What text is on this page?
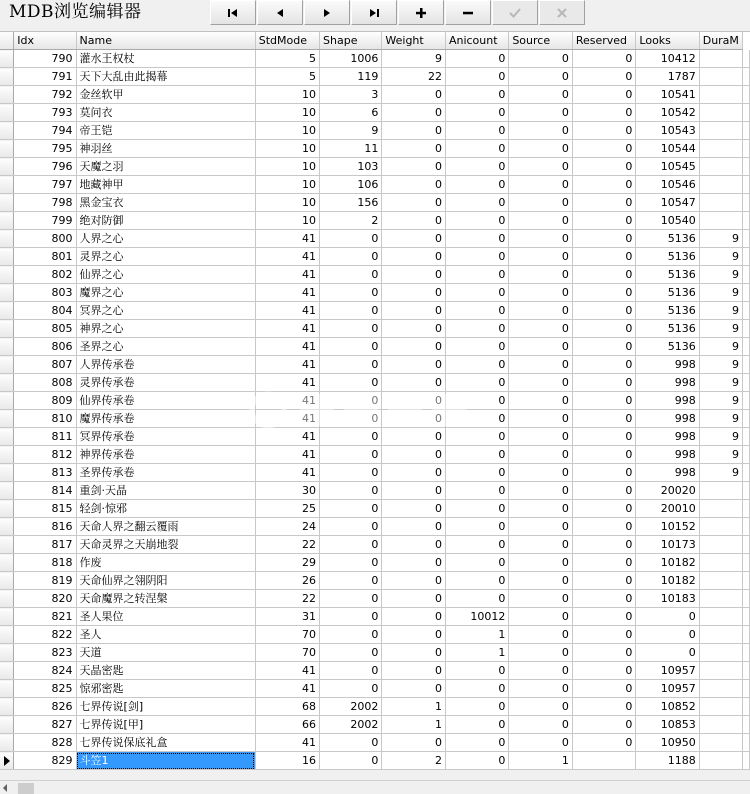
MDB浏览编辑器
	Idx	Name	StdMode	Shape	Weight	Anicount	Source	Reserved	Looks	DuraM	
	790	灌水王权杖	5	1006	9	0	0	0	10412		
	791	天下大乱由此揭幕	5	119	22	0	0	0	1787		
	792	金丝软甲	10	3	0	0	0	0	10541		
	793	莫问衣	10	6	0	0	0	0	10542		
	794	帝王铠	10	9	0	0	0	0	10543		
	795	神羽丝	10	11	0	0	0	0	10544		
	796	天魔之羽	10	103	0	0	0	0	10545		
	797	地藏神甲	10	106	0	0	0	0	10546		
	798	黑金宝衣	10	156	0	0	0	0	10547		
	799	绝对防御	10	2	0	0	0	0	10540		
	800	人界之心	41	0	0	0	0	0	5136	9	
	801	灵界之心	41	0	0	0	0	0	5136	9	
	802	仙界之心	41	0	0	0	0	0	5136	9	
	803	魔界之心	41	0	0	0	0	0	5136	9	
	804	冥界之心	41	0	0	0	0	0	5136	9	
	805	神界之心	41	0	0	0	0	0	5136	9	
	806	圣界之心	41	0	0	0	0	0	5136	9	
	807	人界传承卷	41	0	0	0	0	0	998	9	
	808	灵界传承卷	41	0	0	0	0	0	998	9	
	809	仙界传承卷	41	0	0	0	0	0	998	9	
	810	魔界传承卷	41	0	0	0	0	0	998	9	
	811	冥界传承卷	41	0	0	0	0	0	998	9	
	812	神界传承卷	41	0	0	0	0	0	998	9	
	813	圣界传承卷	41	0	0	0	0	0	998	9	
	814	重剑·天晶	30	0	0	0	0	0	20020		
	815	轻剑·惊邪	25	0	0	0	0	0	20010		
	816	天命人界之翻云覆雨	24	0	0	0	0	0	10152		
	817	天命灵界之天崩地裂	22	0	0	0	0	0	10173		
	818	作废	29	0	0	0	0	0	10182		
	819	天命仙界之翎阴阳	26	0	0	0	0	0	10182		
	820	天命魔界之转涅槃	22	0	0	0	0	0	10183		
	821	圣人果位	31	0	0	10012	0	0	0		
	822	圣人	70	0	0	1	0	0	0		
	823	天道	70	0	0	1	0	0	0		
	824	天晶密匙	41	0	0	0	0	0	10957		
	825	惊邪密匙	41	0	0	0	0	0	10957		
	826	七界传说[剑]	68	2002	1	0	0	0	10852		
	827	七界传说[甲]	66	2002	1	0	0	0	10853		
	828	七界传说保底礼盒	41	0	0	0	0	0	10950		

	829	斗笠1	16	0	2	0	1		1188		
